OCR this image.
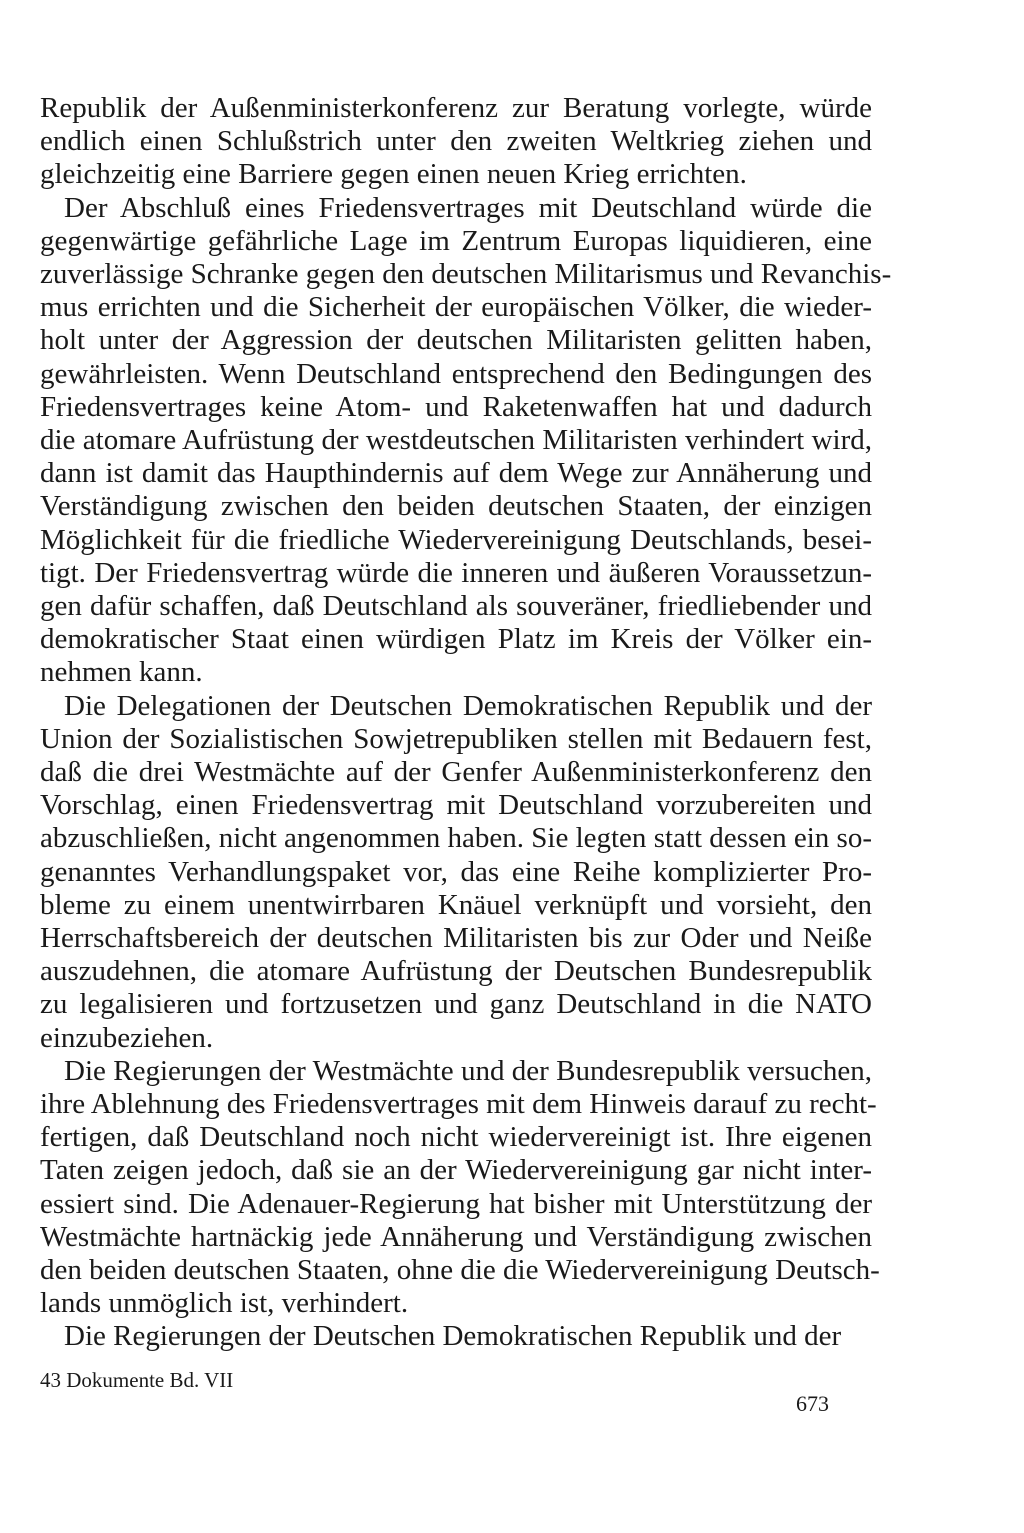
Republik der Außenministerkonferenz zur Beratung vorlegte, würde
endlich einen Schlußstrich unter den zweiten Weltkrieg ziehen und
gleichzeitig eine Barriere gegen einen neuen Krieg errichten.
Der Abschluß eines Friedensvertrages mit Deutschland würde die
gegenwärtige gefährliche Lage im Zentrum Europas liquidieren, eine
zuverlässige Schranke gegen den deutschen Militarismus und Revanchis-
mus errichten und die Sicherheit der europäischen Völker, die wieder-
holt unter der Aggression der deutschen Militaristen gelitten haben,
gewährleisten. Wenn Deutschland entsprechend den Bedingungen des
Friedensvertrages keine Atom- und Raketenwaffen hat und dadurch
die atomare Aufrüstung der westdeutschen Militaristen verhindert wird,
dann ist damit das Haupthindernis auf dem Wege zur Annäherung und
Verständigung zwischen den beiden deutschen Staaten, der einzigen
Möglichkeit für die friedliche Wiedervereinigung Deutschlands, besei-
tigt. Der Friedensvertrag würde die inneren und äußeren Voraussetzun-
gen dafür schaffen, daß Deutschland als souveräner, friedliebender und
demokratischer Staat einen würdigen Platz im Kreis der Völker ein-
nehmen kann.
Die Delegationen der Deutschen Demokratischen Republik und der
Union der Sozialistischen Sowjetrepubliken stellen mit Bedauern fest,
daß die drei Westmächte auf der Genfer Außenministerkonferenz den
Vorschlag, einen Friedensvertrag mit Deutschland vorzubereiten und
abzuschließen, nicht angenommen haben. Sie legten statt dessen ein so-
genanntes Verhandlungspaket vor, das eine Reihe komplizierter Pro-
bleme zu einem unentwirrbaren Knäuel verknüpft und vorsieht, den
Herrschaftsbereich der deutschen Militaristen bis zur Oder und Neiße
auszudehnen, die atomare Aufrüstung der Deutschen Bundesrepublik
zu legalisieren und fortzusetzen und ganz Deutschland in die NATO
einzubeziehen.
Die Regierungen der Westmächte und der Bundesrepublik versuchen,
ihre Ablehnung des Friedensvertrages mit dem Hinweis darauf zu recht-
fertigen, daß Deutschland noch nicht wiedervereinigt ist. Ihre eigenen
Taten zeigen jedoch, daß sie an der Wiedervereinigung gar nicht inter-
essiert sind. Die Adenauer-Regierung hat bisher mit Unterstützung der
Westmächte hartnäckig jede Annäherung und Verständigung zwischen
den beiden deutschen Staaten, ohne die die Wiedervereinigung Deutsch-
lands unmöglich ist, verhindert.
Die Regierungen der Deutschen Demokratischen Republik und der
43 Dokumente Bd. VII
673
